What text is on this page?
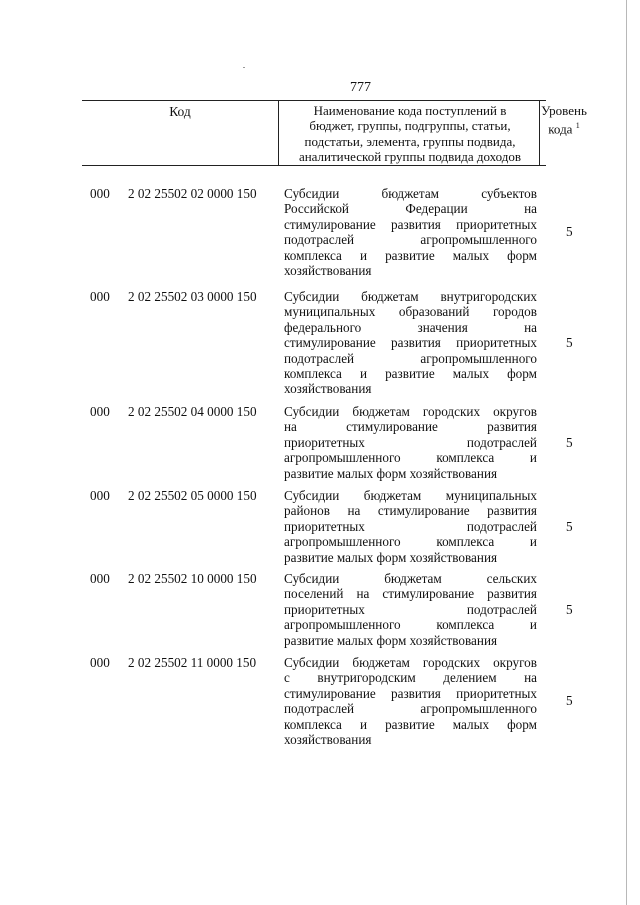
777
Код	Наименование кода поступлений в
бюджет, группы, подгруппы, статьи,
подстатьи, элемента, группы подвида,
аналитической группы подвида доходов
Уровень
кода $^1$
000 2 02 25502 02 0000 150 Субсидии бюджетам субъектов
Российской Федерации на
стимулирование развития приоритетных
подотраслей агропромышленного
комплекса и развитие малых форм
хозяйствования
5
000 2 02 25502 03 0000 150 Субсидии бюджетам внутригородских
муниципальных образований городов
федерального значения на
стимулирование развития приоритетных
подотраслей агропромышленного
комплекса и развитие малых форм
хозяйствования
5
000 2 02 25502 04 0000 150 Субсидии бюджетам городских округов
на стимулирование развития
приоритетных подотраслей
агропромышленного комплекса и
развитие малых форм хозяйствования
5
000 2 02 25502 05 0000 150 Субсидии бюджетам муниципальных
районов на стимулирование развития
приоритетных подотраслей
агропромышленного комплекса и
развитие малых форм хозяйствования
5
000 2 02 25502 10 0000 150 Субсидии бюджетам сельских
поселений на стимулирование развития
приоритетных подотраслей
агропромышленного комплекса и
развитие малых форм хозяйствования
5
000 2 02 25502 11 0000 150 Субсидии бюджетам городских округов
с внутригородским делением на
стимулирование развития приоритетных
подотраслей агропромышленного
комплекса и развитие малых форм
хозяйствования
5
